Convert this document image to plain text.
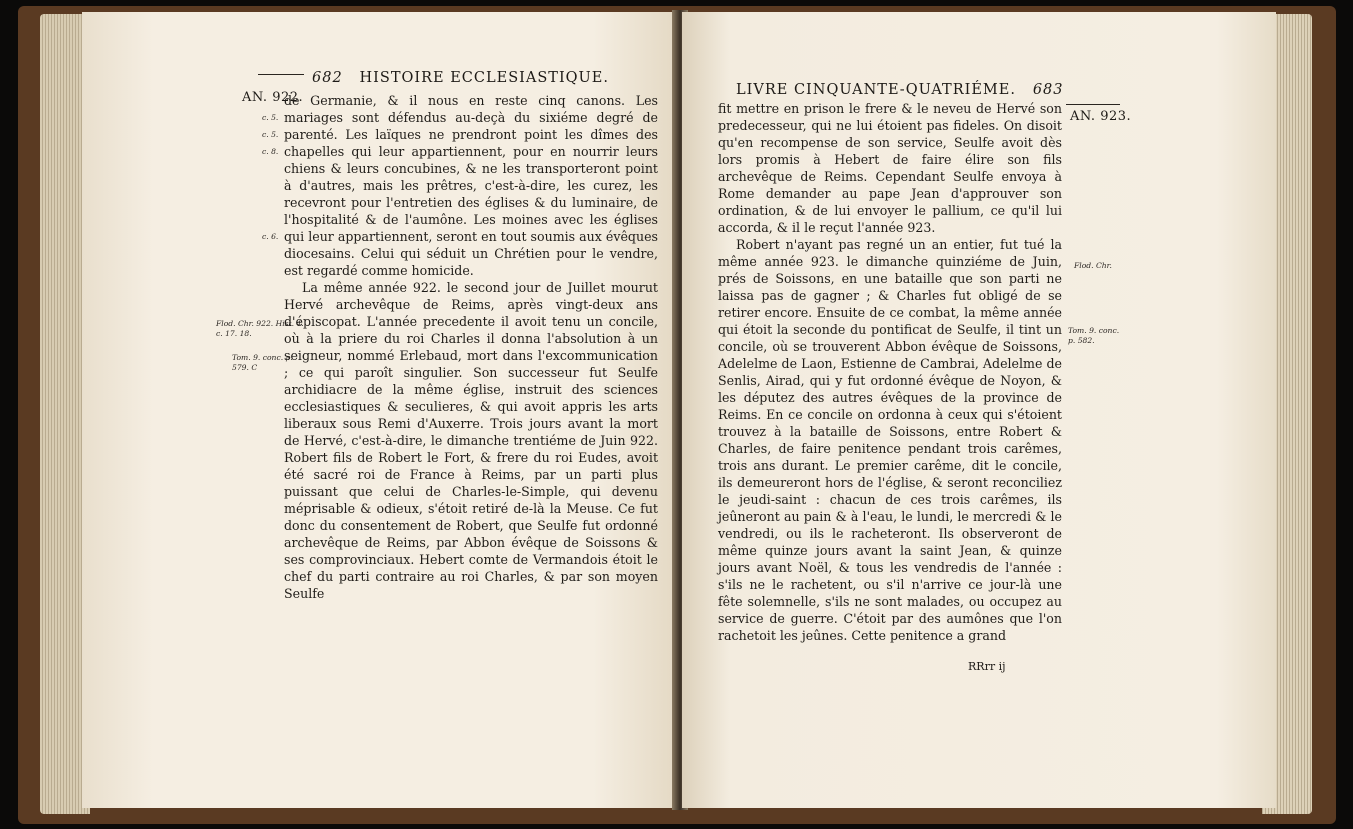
682 HISTOIRE ECCLESIASTIQUE.
AN. 922.
c. 5.
c. 5.
c. 8.
c. 6.
Flod. Chr. 922. Hist. 4. c. 17. 18.
Tom. 9. conc. p. 579. C

de Germanie, & il nous en reste cinq canons. Les mariages sont défendus au-deçà du sixiéme degré de parenté. Les laïques ne prendront point les dîmes des chapelles qui leur appartiennent, pour en nourrir leurs chiens & leurs concubines, & ne les transporteront point à d'autres, mais les prêtres, c'est-à-dire, les curez, les recevront pour l'entretien des églises & du luminaire, de l'hospitalité & de l'aumône. Les moines avec les églises qui leur appartiennent, seront en tout soumis aux évêques diocesains. Celui qui séduit un Chrétien pour le vendre, est regardé comme homicide.

La même année 922. le second jour de Juillet mourut Hervé archevêque de Reims, après vingt-deux ans d'épiscopat. L'année precedente il avoit tenu un concile, où à la priere du roi Charles il donna l'absolution à un seigneur, nommé Erlebaud, mort dans l'excommunication ; ce qui paroît singulier. Son successeur fut Seulfe archidiacre de la même église, instruit des sciences ecclesiastiques & seculieres, & qui avoit appris les arts liberaux sous Remi d'Auxerre. Trois jours avant la mort de Hervé, c'est-à-dire, le dimanche trentiéme de Juin 922. Robert fils de Robert le Fort, & frere du roi Eudes, avoit été sacré roi de France à Reims, par un parti plus puissant que celui de Charles-le-Simple, qui devenu méprisable & odieux, s'étoit retiré de-là la Meuse. Ce fut donc du consentement de Robert, que Seulfe fut ordonné archevêque de Reims, par Abbon évêque de Soissons & ses comprovinciaux. Hebert comte de Vermandois étoit le chef du parti contraire au roi Charles, & par son moyen Seulfe

LIVRE CINQUANTE-QUATRIÉME. 683
AN. 923.
Flod. Chr.
Tom. 9. conc. p. 582.

fit mettre en prison le frere & le neveu de Hervé son predecesseur, qui ne lui étoient pas fideles. On disoit qu'en recompense de son service, Seulfe avoit dès lors promis à Hebert de faire élire son fils archevêque de Reims. Cependant Seulfe envoya à Rome demander au pape Jean d'approuver son ordination, & de lui envoyer le pallium, ce qu'il lui accorda, & il le reçut l'année 923.

Robert n'ayant pas regné un an entier, fut tué la même année 923. le dimanche quinziéme de Juin, prés de Soissons, en une bataille que son parti ne laissa pas de gagner ; & Charles fut obligé de se retirer encore. Ensuite de ce combat, la même année qui étoit la seconde du pontificat de Seulfe, il tint un concile, où se trouverent Abbon évêque de Soissons, Adelelme de Laon, Estienne de Cambrai, Adelelme de Senlis, Airad, qui y fut ordonné évêque de Noyon, & les députez des autres évêques de la province de Reims. En ce concile on ordonna à ceux qui s'étoient trouvez à la bataille de Soissons, entre Robert & Charles, de faire penitence pendant trois carêmes, trois ans durant. Le premier carême, dit le concile, ils demeureront hors de l'église, & seront reconciliez le jeudi-saint : chacun de ces trois carêmes, ils jeûneront au pain & à l'eau, le lundi, le mercredi & le vendredi, ou ils le racheteront. Ils observeront de même quinze jours avant la saint Jean, & quinze jours avant Noël, & tous les vendredis de l'année : s'ils ne le rachetent, ou s'il n'arrive ce jour-là une fête solemnelle, s'ils ne sont malades, ou occupez au service de guerre. C'étoit par des aumônes que l'on rachetoit les jeûnes. Cette penitence a grand

RRrr ij
